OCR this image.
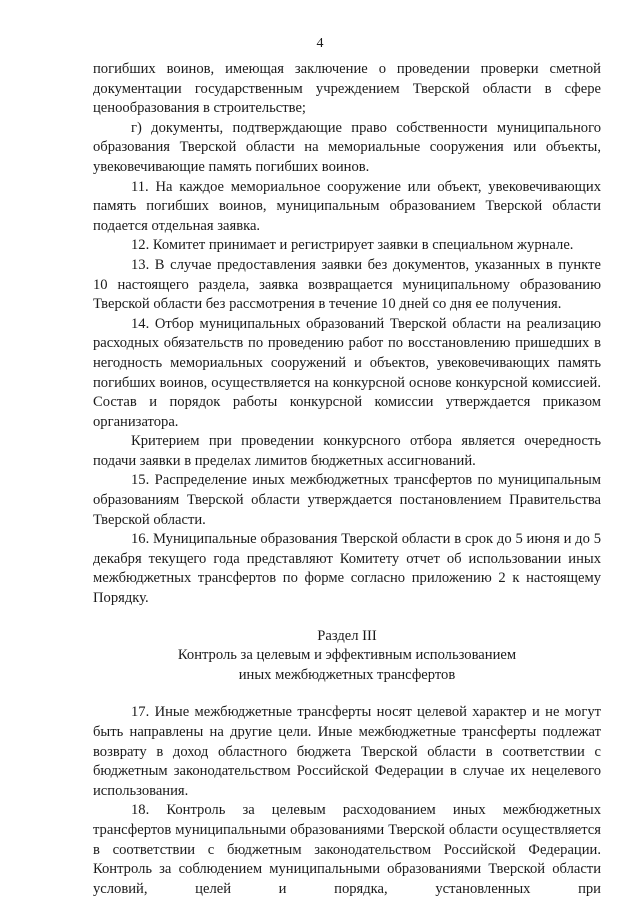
4

погибших воинов, имеющая заключение о проведении проверки сметной документации государственным учреждением Тверской области в сфере ценообразования в строительстве;

г) документы, подтверждающие право собственности муниципального образования Тверской области на мемориальные сооружения или объекты, увековечивающие память погибших воинов.

11. На каждое мемориальное сооружение или объект, увековечивающих память погибших воинов, муниципальным образованием Тверской области подается отдельная заявка.

12. Комитет принимает и регистрирует заявки в специальном журнале.

13. В случае предоставления заявки без документов, указанных в пункте 10 настоящего раздела, заявка возвращается муниципальному образованию Тверской области без рассмотрения в течение 10 дней со дня ее получения.

14. Отбор муниципальных образований Тверской области на реализацию расходных обязательств по проведению работ по восстановлению пришедших в негодность мемориальных сооружений и объектов, увековечивающих память погибших воинов, осуществляется на конкурсной основе конкурсной комиссией. Состав и порядок работы конкурсной комиссии утверждается приказом организатора.

Критерием при проведении конкурсного отбора является очередность подачи заявки в пределах лимитов бюджетных ассигнований.

15. Распределение иных межбюджетных трансфертов по муниципальным образованиям Тверской области утверждается постановлением Правительства Тверской области.

16. Муниципальные образования Тверской области в срок до 5 июня и до 5 декабря текущего года представляют Комитету отчет об использовании иных межбюджетных трансфертов по форме согласно приложению 2 к настоящему Порядку.

Раздел III

Контроль за целевым и эффективным использованием

иных межбюджетных трансфертов

17. Иные межбюджетные трансферты носят целевой характер и не могут быть направлены на другие цели. Иные межбюджетные трансферты подлежат возврату в доход областного бюджета Тверской области в соответствии с бюджетным законодательством Российской Федерации в случае их нецелевого использования.

18. Контроль за целевым расходованием иных межбюджетных трансфертов муниципальными образованиями Тверской области осуществляется в соответствии с бюджетным законодательством Российской Федерации. Контроль за соблюдением муниципальными образованиями Тверской области условий, целей и порядка, установленных при
